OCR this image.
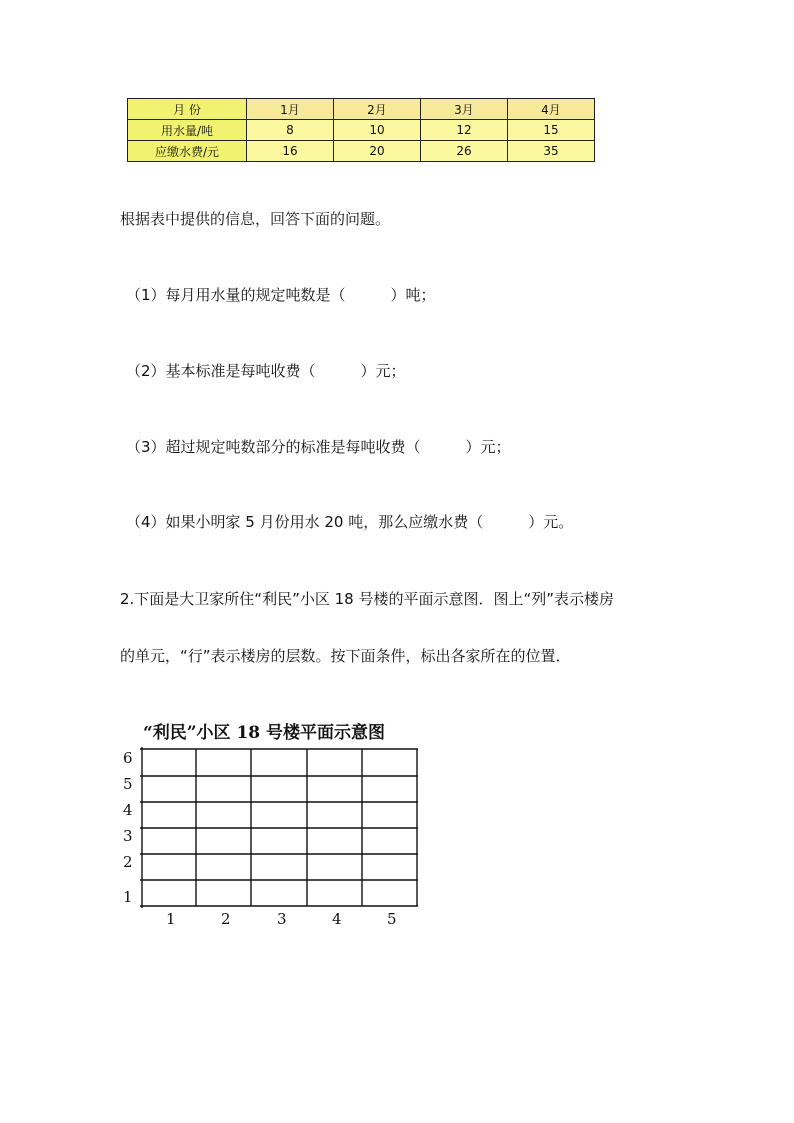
月 份	1月	2月	3月	4月
用水量/吨	8	10	12	15
应缴水费/元	16	20	26	35
根据表中提供的信息，回答下面的问题。
（1）每月用水量的规定吨数是（　　　）吨；
（2）基本标准是每吨收费（　　　）元；
（3）超过规定吨数部分的标准是每吨收费（　　　）元；
（4）如果小明家 5 月份用水 20 吨，那么应缴水费（　　　）元。
2.下面是大卫家所住“利民”小区 18 号楼的平面示意图．图上“列”表示楼房
的单元，“行”表示楼房的层数。按下面条件，标出各家所在的位置．
“利民”小区 18 号楼平面示意图
6
5
4
3
2
1
1	2	3	4	5
